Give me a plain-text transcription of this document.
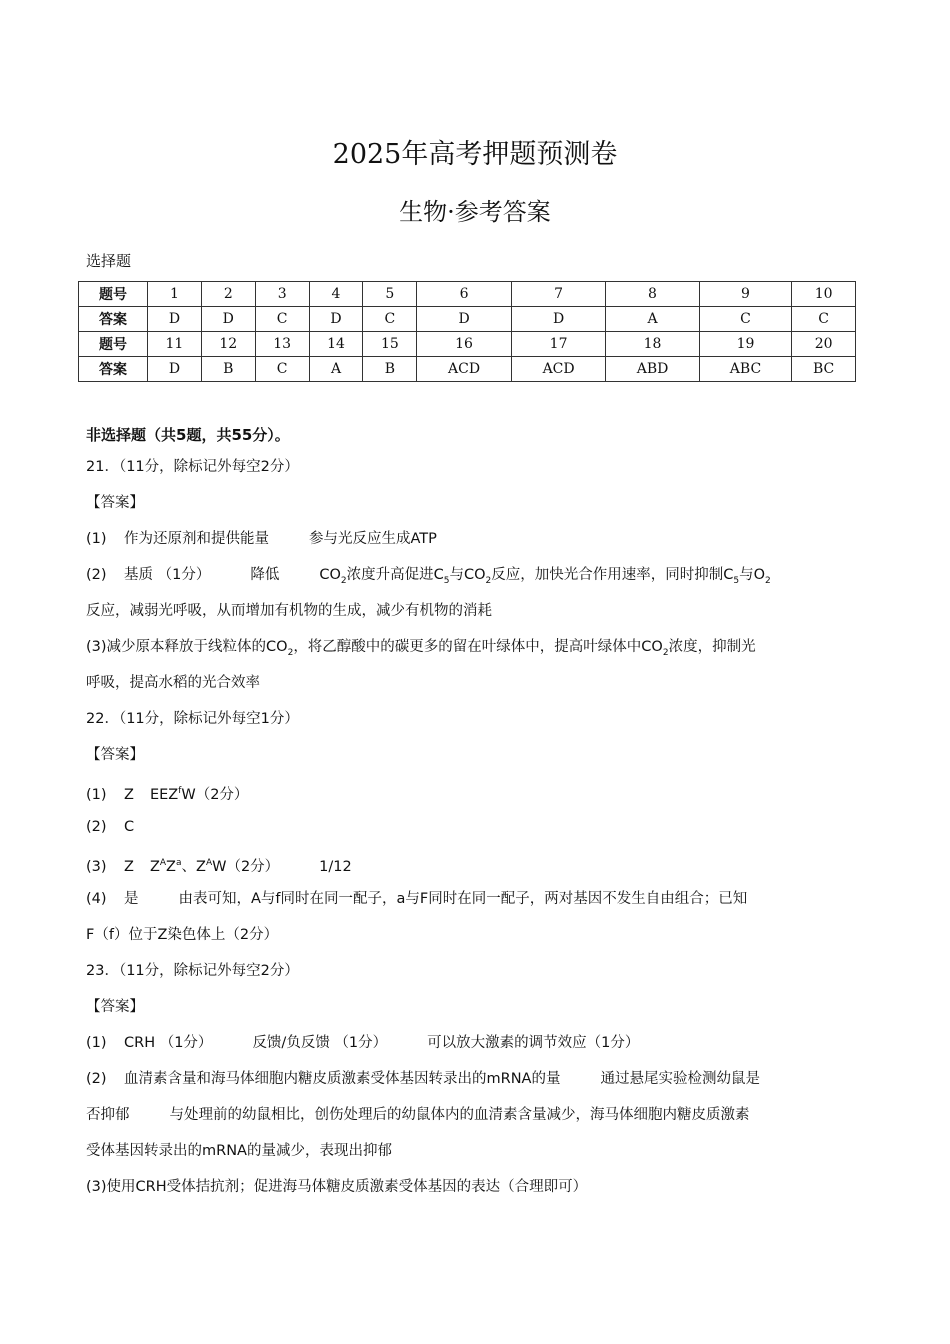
2025年高考押题预测卷
生物·参考答案
选择题
题号	1	2	3	4	5	6	7	8	9	10
答案	D	D	C	D	C	D	D	A	C	C
题号	11	12	13	14	15	16	17	18	19	20
答案	D	B	C	A	B	ACD	ACD	ABD	ABC	BC
非选择题（共5题，共55分）。
21．（11分，除标记外每空2分）
【答案】
(1) 作为还原剂和提供能量	参与光反应生成ATP
(2) 基质 （1分）	降低	$CO_2$浓度升高促进$C_5$与$CO_2$反应，加快光合作用速率，同时抑制$C_5$与$O_2$
反应，减弱光呼吸，从而增加有机物的生成，减少有机物的消耗
(3)减少原本释放于线粒体的$CO_2$，将乙醇酸中的碳更多的留在叶绿体中，提高叶绿体中$CO_2$浓度，抑制光
呼吸，提高水稻的光合效率
22．（11分，除标记外每空1分）
【答案】
(1) Z EEZ$^f$W（2分）
(2) C
(3) Z $Z^AZ^a$、$Z^AW(2$分）	1/12
(4) 是	由表可知，A与f同时在同一配子，a与F同时在同一配子，两对基因不发生自由组合；已知
F（f）位于Z染色体上（2分）
23．（11分，除标记外每空2分）
【答案】
(1) CRH （1分）	反馈/负反馈 （1分）	可以放大激素的调节效应（1分）
(2) 血清素含量和海马体细胞内糖皮质激素受体基因转录出的mRNA的量	通过悬尾实验检测幼鼠是
否抑郁	与处理前的幼鼠相比，创伤处理后的幼鼠体内的血清素含量减少，海马体细胞内糖皮质激素
受体基因转录出的mRNA的量减少，表现出抑郁
(3)使用CRH受体拮抗剂；促进海马体糖皮质激素受体基因的表达（合理即可）
